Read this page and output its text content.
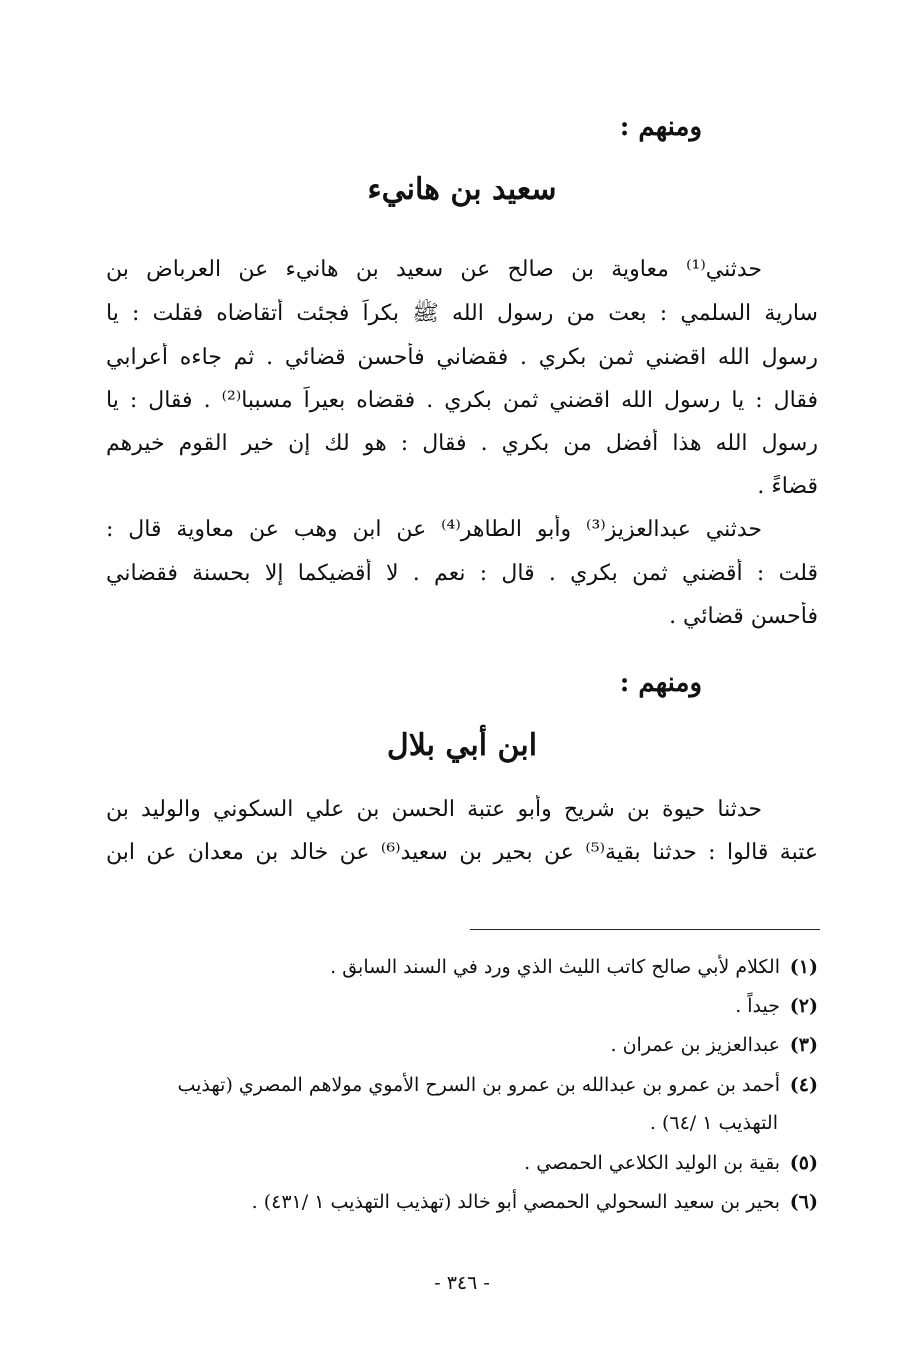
ومنهم :
سعيد بن هانيء
حدثني⁽¹⁾ معاوية بن صالح عن سعيد بن هانيء عن العرباض بن
سارية السلمي : بعت من رسول الله ﷺ بكراً فجئت أتقاضاه فقلت : يا
رسول الله اقضني ثمن بكري . فقضاني فأحسن قضائي . ثم جاءه أعرابي
فقال : يا رسول الله اقضني ثمن بكري . فقضاه بعيراً مسببا⁽²⁾ . فقال : يا
رسول الله هذا أفضل من بكري . فقال : هو لك إن خير القوم خيرهم
قضاءً .
حدثني عبدالعزيز⁽³⁾ وأبو الطاهر⁽⁴⁾ عن ابن وهب عن معاوية قال :
قلت : أقضني ثمن بكري . قال : نعم . لا أقضيكما إلا بحسنة فقضاني
فأحسن قضائي .
ومنهم :
ابن أبي بلال
حدثنا حيوة بن شريح وأبو عتبة الحسن بن علي السكوني والوليد بن
عتبة قالوا : حدثنا بقية⁽⁵⁾ عن بحير بن سعيد⁽⁶⁾ عن خالد بن معدان عن ابن
(١)الكلام لأبي صالح كاتب الليث الذي ورد في السند السابق .
(٢)جيداً .
(٣)عبدالعزيز بن عمران .
(٤)أحمد بن عمرو بن عبدالله بن عمرو بن السرح الأموي مولاهم المصري (تهذيب
التهذيب ١ /٦٤) .
(٥)بقية بن الوليد الكلاعي الحمصي .
(٦)بحير بن سعيد السحولي الحمصي أبو خالد (تهذيب التهذيب ١ /٤٣١) .
- ٣٤٦ -
